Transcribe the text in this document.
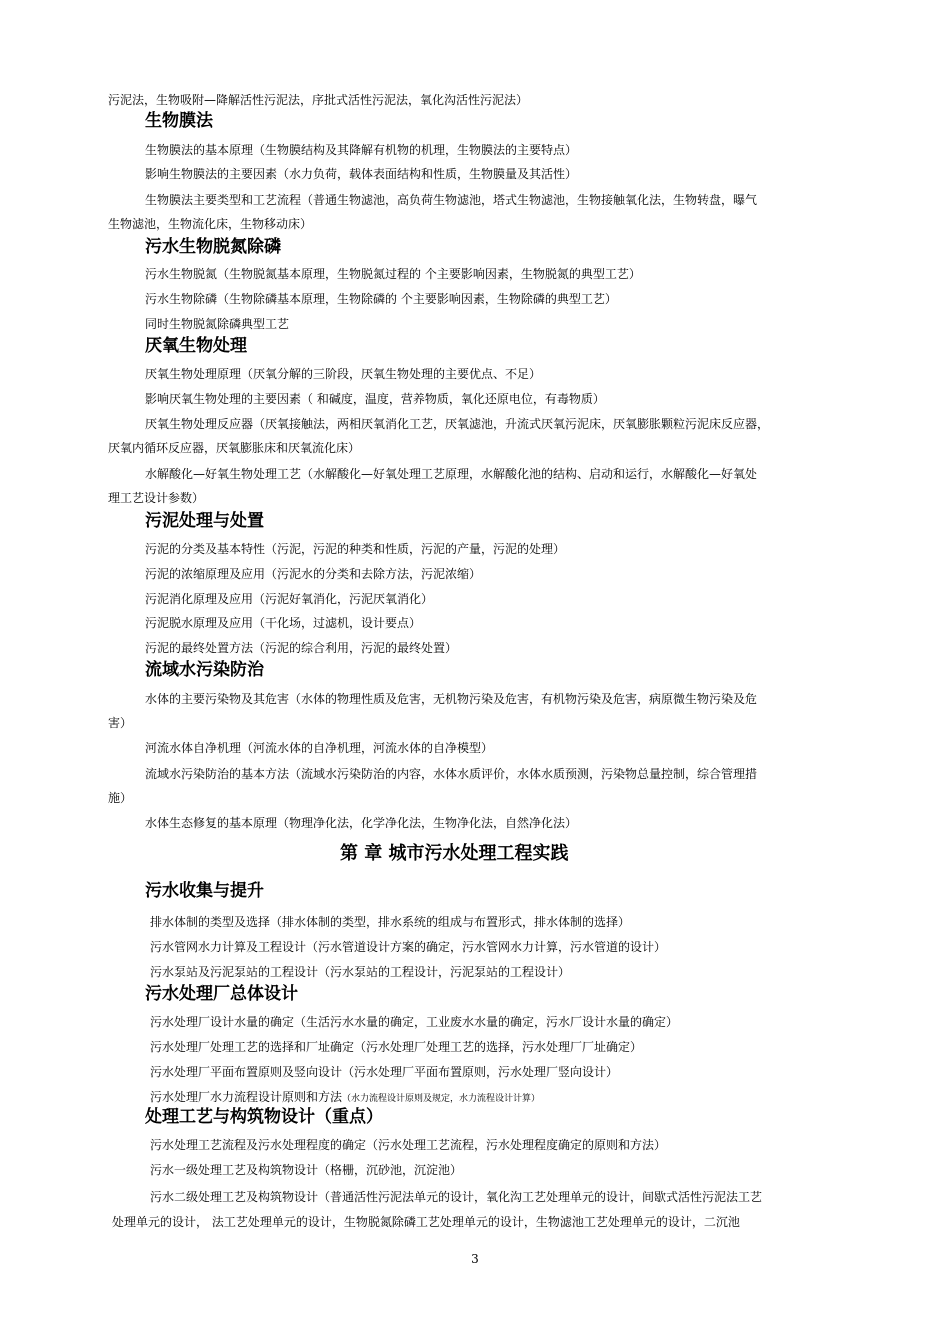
污泥法，生物吸附—降解活性污泥法，序批式活性污泥法，氧化沟活性污泥法）
生物膜法
生物膜法的基本原理（生物膜结构及其降解有机物的机理，生物膜法的主要特点）
影响生物膜法的主要因素（水力负荷，载体表面结构和性质，生物膜量及其活性）
生物膜法主要类型和工艺流程（普通生物滤池，高负荷生物滤池，塔式生物滤池，生物接触氧化法，生物转盘，曝气
生物滤池，生物流化床，生物移动床）
污水生物脱氮除磷
污水生物脱氮（生物脱氮基本原理，生物脱氮过程的 个主要影响因素，生物脱氮的典型工艺）
污水生物除磷（生物除磷基本原理，生物除磷的 个主要影响因素，生物除磷的典型工艺）
同时生物脱氮除磷典型工艺
厌氧生物处理
厌氧生物处理原理（厌氧分解的三阶段，厌氧生物处理的主要优点、不足）
影响厌氧生物处理的主要因素（ 和碱度，温度，营养物质，氧化还原电位，有毒物质）
厌氧生物处理反应器（厌氧接触法，两相厌氧消化工艺，厌氧滤池，升流式厌氧污泥床，厌氧膨胀颗粒污泥床反应器，
厌氧内循环反应器，厌氧膨胀床和厌氧流化床）
水解酸化—好氧生物处理工艺（水解酸化—好氧处理工艺原理，水解酸化池的结构、启动和运行，水解酸化—好氧处
理工艺设计参数）
污泥处理与处置
污泥的分类及基本特性（污泥，污泥的种类和性质，污泥的产量，污泥的处理）
污泥的浓缩原理及应用（污泥水的分类和去除方法，污泥浓缩）
污泥消化原理及应用（污泥好氧消化，污泥厌氧消化）
污泥脱水原理及应用（干化场，过滤机，设计要点）
污泥的最终处置方法（污泥的综合利用，污泥的最终处置）
流域水污染防治
水体的主要污染物及其危害（水体的物理性质及危害，无机物污染及危害，有机物污染及危害，病原微生物污染及危
害）
河流水体自净机理（河流水体的自净机理，河流水体的自净模型）
流域水污染防治的基本方法（流域水污染防治的内容，水体水质评价，水体水质预测，污染物总量控制，综合管理措
施）
水体生态修复的基本原理（物理净化法，化学净化法，生物净化法，自然净化法）
第 章 城市污水处理工程实践
污水收集与提升
排水体制的类型及选择（排水体制的类型，排水系统的组成与布置形式，排水体制的选择）
污水管网水力计算及工程设计（污水管道设计方案的确定，污水管网水力计算，污水管道的设计）
污水泵站及污泥泵站的工程设计（污水泵站的工程设计，污泥泵站的工程设计）
污水处理厂总体设计
污水处理厂设计水量的确定（生活污水水量的确定，工业废水水量的确定，污水厂设计水量的确定）
污水处理厂处理工艺的选择和厂址确定（污水处理厂处理工艺的选择，污水处理厂厂址确定）
污水处理厂平面布置原则及竖向设计（污水处理厂平面布置原则，污水处理厂竖向设计）
污水处理厂水力流程设计原则和方法（水力流程设计原则及规定，水力流程设计计算）
处理工艺与构筑物设计（重点）
污水处理工艺流程及污水处理程度的确定（污水处理工艺流程，污水处理程度确定的原则和方法）
污水一级处理工艺及构筑物设计（格栅，沉砂池，沉淀池）
污水二级处理工艺及构筑物设计（普通活性污泥法单元的设计，氧化沟工艺处理单元的设计，间歇式活性污泥法工艺
处理单元的设计， 法工艺处理单元的设计，生物脱氮除磷工艺处理单元的设计，生物滤池工艺处理单元的设计，二沉池
3
